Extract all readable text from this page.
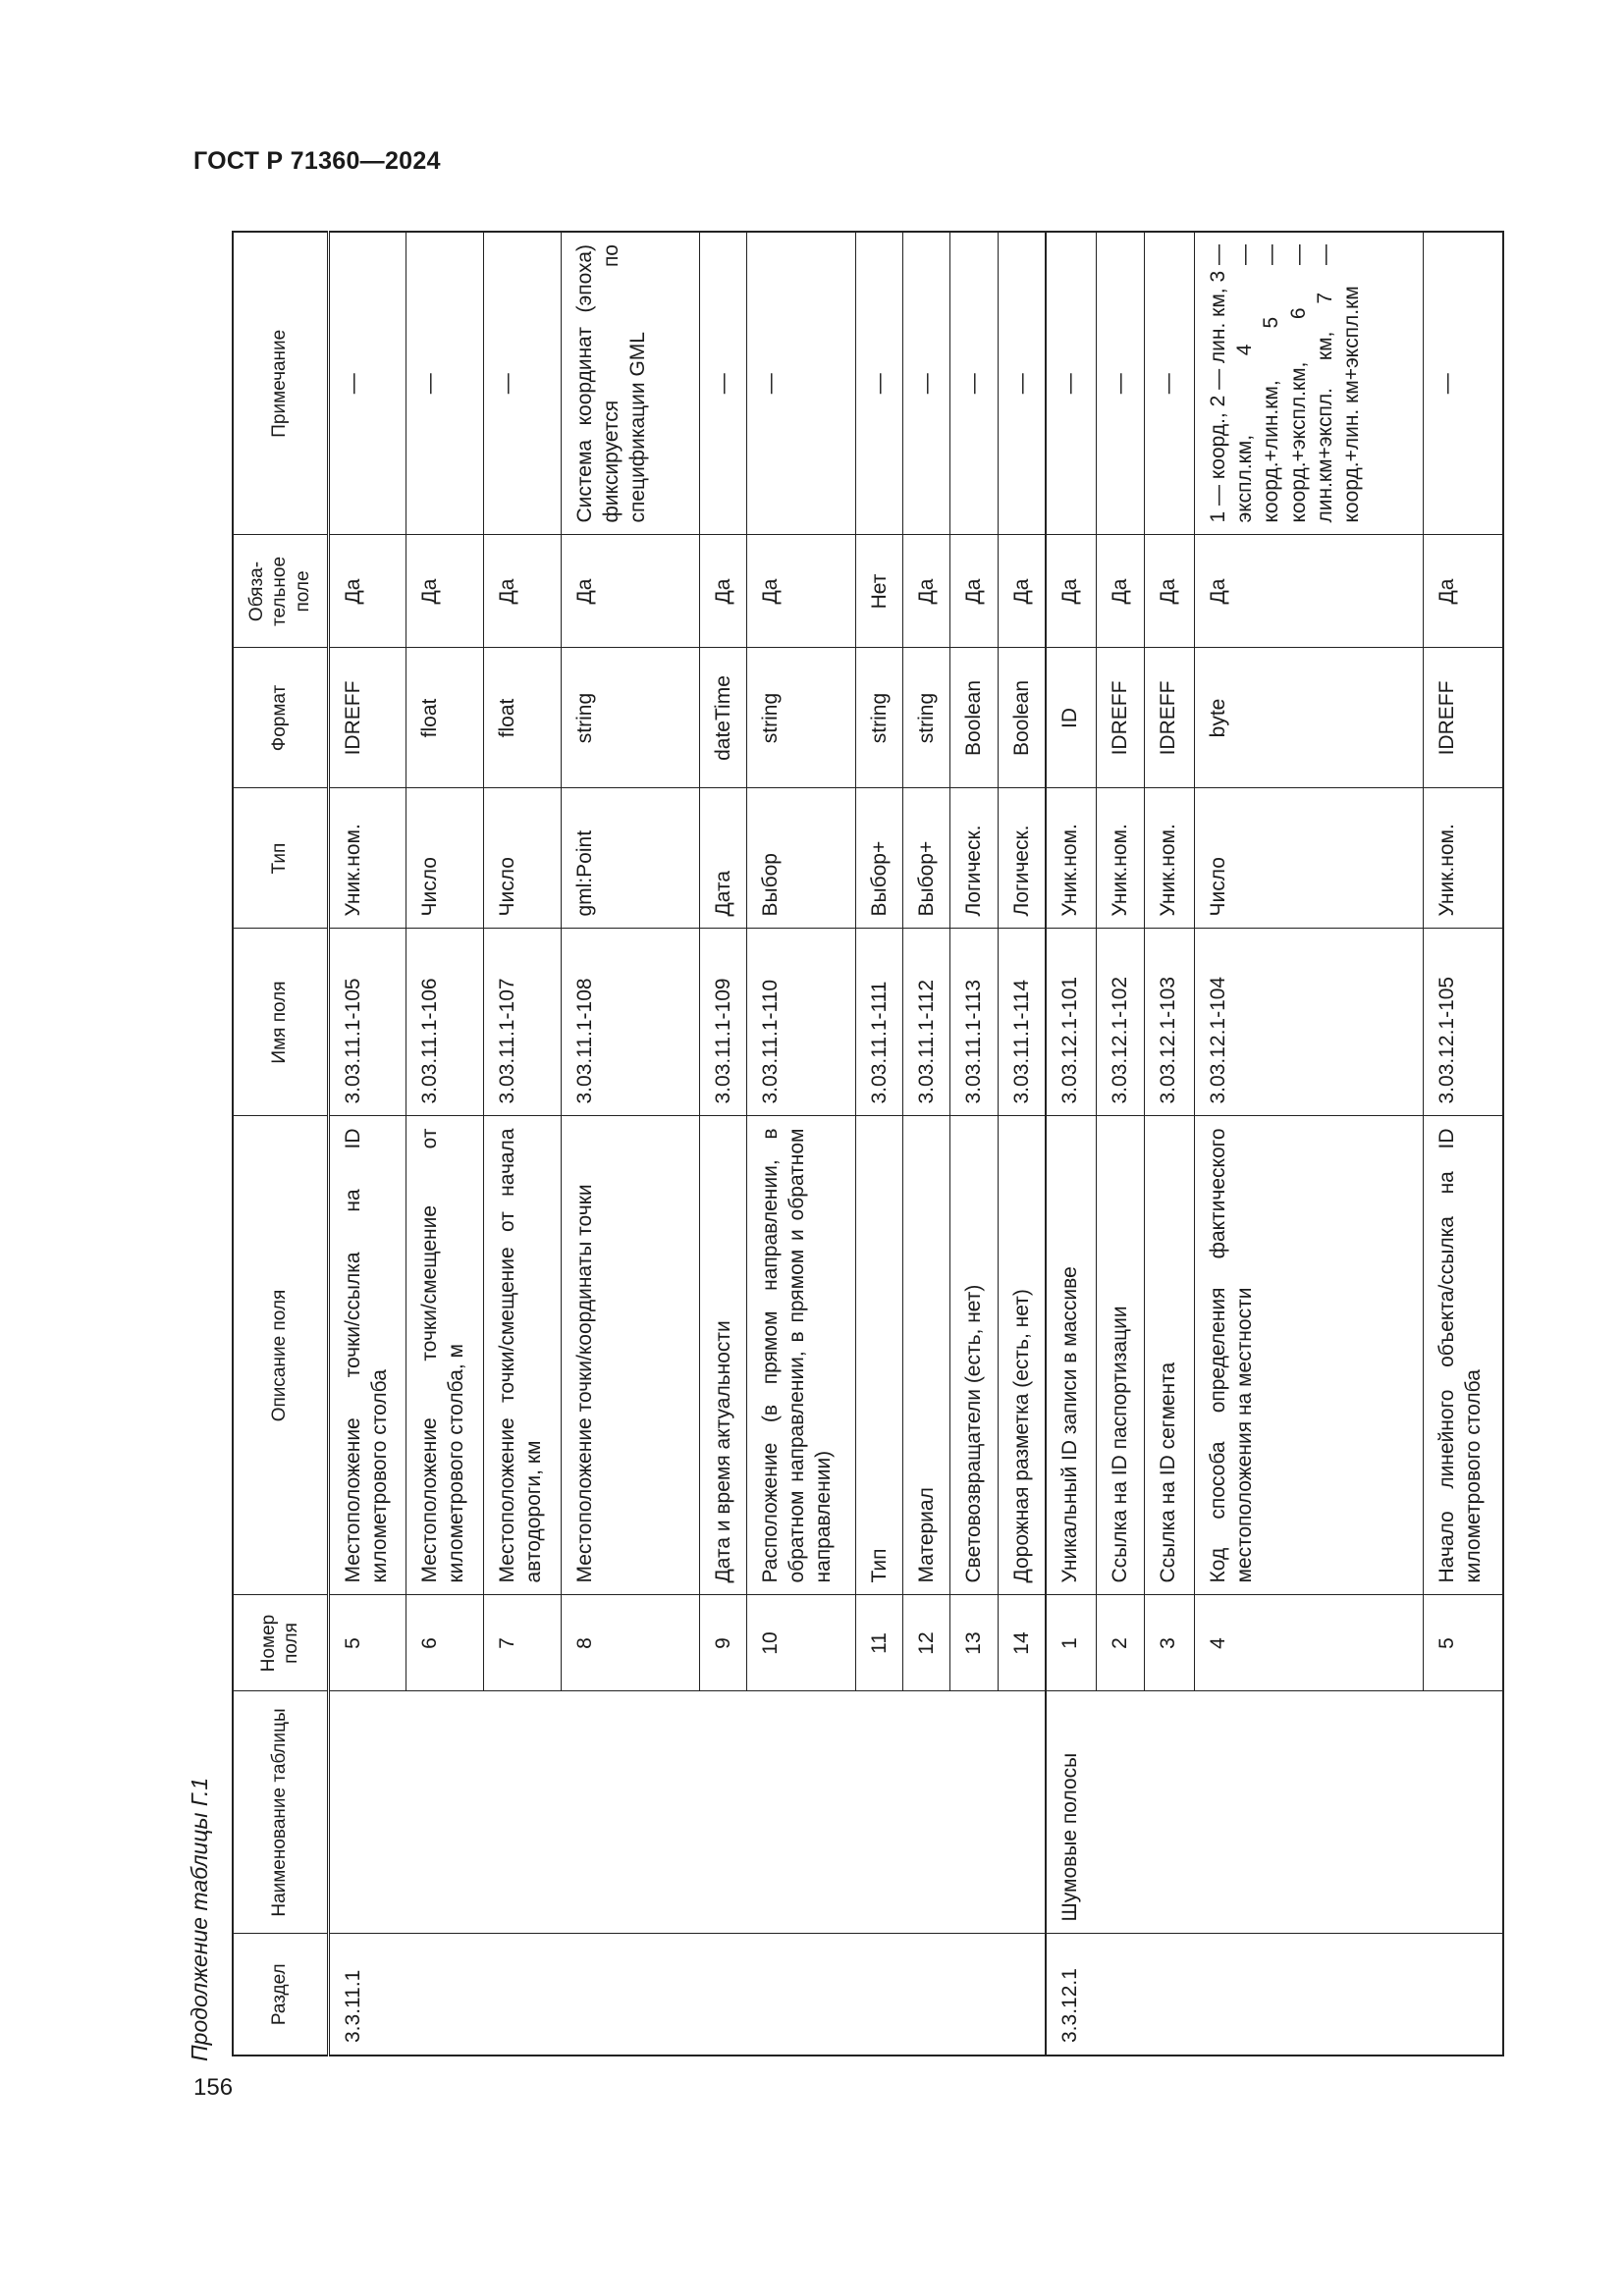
ГОСТ Р 71360—2024
156
Продолжение таблицы Г.1	Раздел	Наименование таблицы	Номер поля	Описание поля	Имя поля	Тип	Формат	Обяза-тельное поле	Примечание
3.3.11.1		5	Местоположение точки/ссылка на ID километрового столба	3.03.11.1-105	Уник.ном.	IDREFF	Да	—
		6	Местоположение точки/смещение от километрового столба, м	3.03.11.1-106	Число	float	Да	—
		7	Местоположение точки/смещение от начала автодороги, км	3.03.11.1-107	Число	float	Да	—
		8	Местоположение точки/координаты точки	3.03.11.1-108	gml:Point	string	Да	Система координат (эпоха) фиксируется по спецификации GML
		9	Дата и время актуальности	3.03.11.1-109	Дата	dateTime	Да	—
		10	Расположение (в прямом направлении, в обратном направлении, в прямом и обратном направлении)	3.03.11.1-110	Выбор	string	Да	—
		11	Тип	3.03.11.1-111	Выбор+	string	Нет	—
		12	Материал	3.03.11.1-112	Выбор+	string	Да	—
		13	Световозвращатели (есть, нет)	3.03.11.1-113	Логическ.	Boolean	Да	—
		14	Дорожная разметка (есть, нет)	3.03.11.1-114	Логическ.	Boolean	Да	—
3.3.12.1	Шумовые полосы	1	Уникальный ID записи в массиве	3.03.12.1-101	Уник.ном.	ID	Да	—
		2	Ссылка на ID паспортизации	3.03.12.1-102	Уник.ном.	IDREFF	Да	—
		3	Ссылка на ID сегмента	3.03.12.1-103	Уник.ном.	IDREFF	Да	—
		4	Код способа определения фактического местоположения на местности	3.03.12.1-104	Число	byte	Да	1 — коорд., 2 — лин. км, 3 — экспл.км, 4 — коорд.+лин.км, 5 — коорд.+экспл.км, 6 — лин.км+экспл. км, 7 — коорд.+лин. км+экспл.км
		5	Начало линейного объекта/ссылка на ID километрового столба	3.03.12.1-105	Уник.ном.	IDREFF	Да	—
